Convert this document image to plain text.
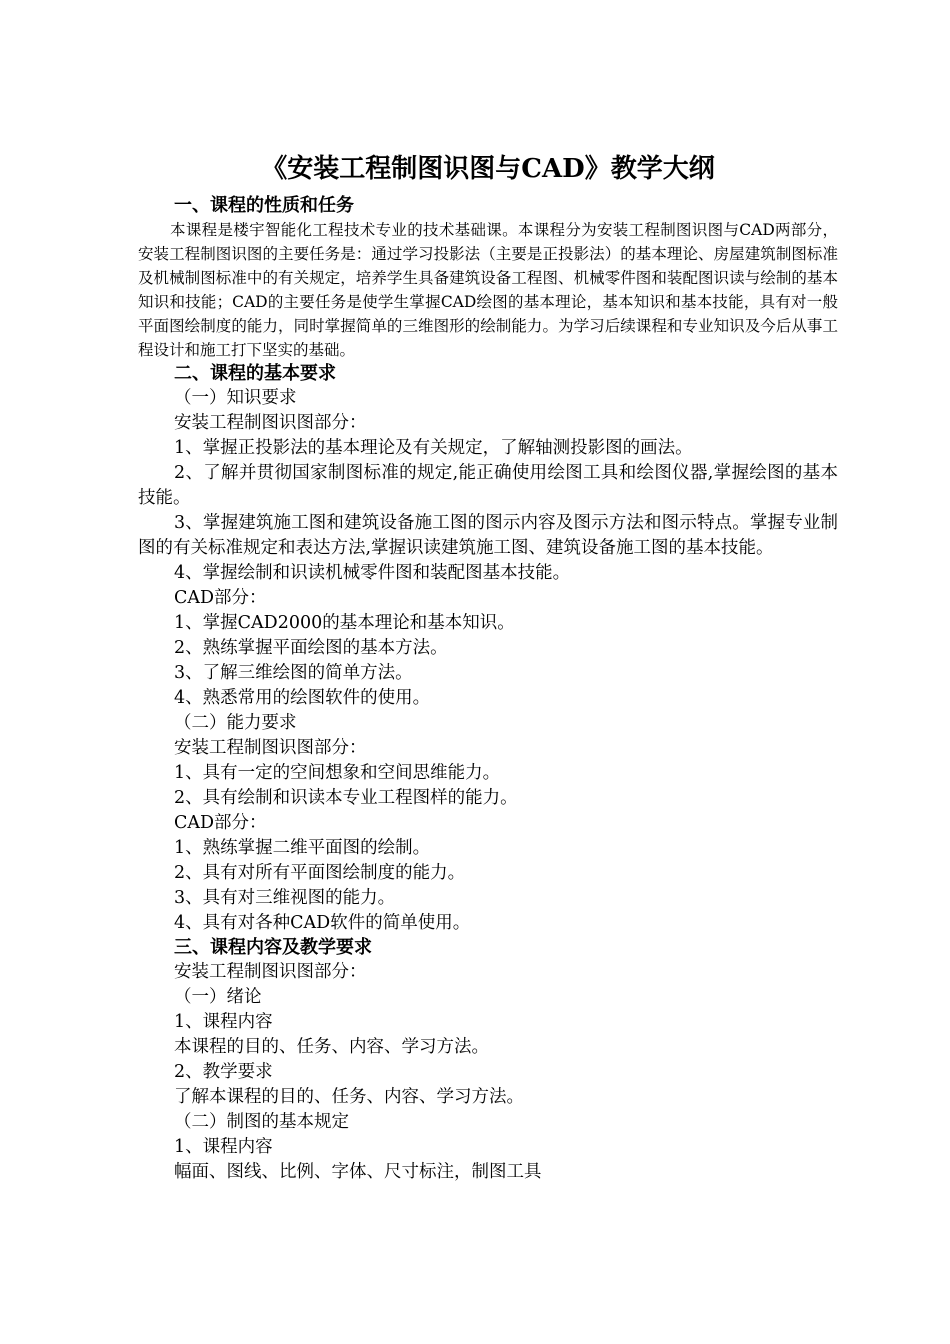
《安装工程制图识图与CAD》教学大纲

一、课程的性质和任务

本课程是楼宇智能化工程技术专业的技术基础课。本课程分为安装工程制图识图与CAD两部分，安装工程制图识图的主要任务是：通过学习投影法（主要是正投影法）的基本理论、房屋建筑制图标准及机械制图标准中的有关规定，培养学生具备建筑设备工程图、机械零件图和装配图识读与绘制的基本知识和技能；CAD的主要任务是使学生掌握CAD绘图的基本理论，基本知识和基本技能，具有对一般平面图绘制度的能力，同时掌握简单的三维图形的绘制能力。为学习后续课程和专业知识及今后从事工程设计和施工打下坚实的基础。

二、课程的基本要求

（一）知识要求

安装工程制图识图部分：

1、掌握正投影法的基本理论及有关规定，了解轴测投影图的画法。

2、了解并贯彻国家制图标准的规定,能正确使用绘图工具和绘图仪器,掌握绘图的基本技能。

3、掌握建筑施工图和建筑设备施工图的图示内容及图示方法和图示特点。掌握专业制图的有关标准规定和表达方法,掌握识读建筑施工图、建筑设备施工图的基本技能。

4、掌握绘制和识读机械零件图和装配图基本技能。

CAD部分：

1、掌握CAD2000的基本理论和基本知识。

2、熟练掌握平面绘图的基本方法。

3、了解三维绘图的简单方法。

4、熟悉常用的绘图软件的使用。

（二）能力要求

安装工程制图识图部分：

1、具有一定的空间想象和空间思维能力。

2、具有绘制和识读本专业工程图样的能力。

CAD部分：

1、熟练掌握二维平面图的绘制。

2、具有对所有平面图绘制度的能力。

3、具有对三维视图的能力。

4、具有对各种CAD软件的简单使用。

三、课程内容及教学要求

安装工程制图识图部分：

（一）绪论

1、课程内容

本课程的目的、任务、内容、学习方法。

2、教学要求

了解本课程的目的、任务、内容、学习方法。

（二）制图的基本规定

1、课程内容

幅面、图线、比例、字体、尺寸标注，制图工具
